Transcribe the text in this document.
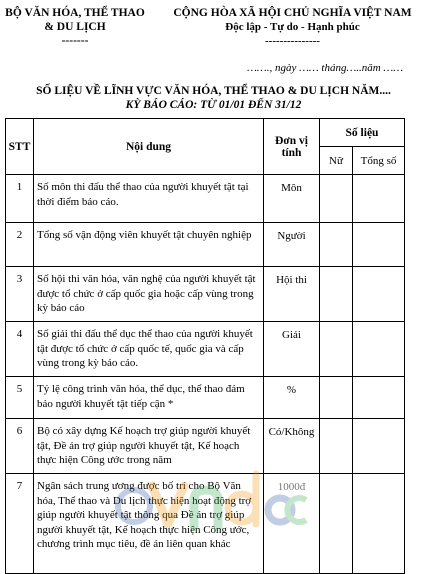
BỘ VĂN HÓA, THỂ THAO
& DU LỊCH
-------
CỘNG HÒA XÃ HỘI CHỦ NGHĨA VIỆT NAM
Độc lập - Tự do - Hạnh phúc
---------------
……., ngày …… tháng…..năm ……
SỐ LIỆU VỀ LĨNH VỰC VĂN HÓA, THỂ THAO & DU LỊCH NĂM....
KỲ BÁO CÁO: TỪ 01/01 ĐẾN 31/12
STT	Nội dung	Đơn vị tính	Số liệu	
			Nữ	Tổng số
1	Số môn thi đấu thể thao của người khuyết tật tại thời điểm báo cáo.	Môn		
2	Tổng số vận động viên khuyết tật chuyên nghiệp	Người		
3	Số hội thi văn hóa, văn nghệ của người khuyết tật được tổ chức ở cấp quốc gia hoặc cấp vùng trong kỳ báo cáo	Hội thi		
4	Số giải thi đấu thể dục thể thao của người khuyết tật được tổ chức ở cấp quốc tế, quốc gia và cấp vùng trong kỳ báo cáo.	Giải		
5	Tỷ lệ công trình văn hóa, thể dục, thể thao đảm bảo người khuyết tật tiếp cận *	%		
6	Bộ có xây dựng Kế hoạch trợ giúp người khuyết tật, Đề án trợ giúp người khuyết tật, Kế hoạch thực hiện Công ước trong năm	Có/Không		
7	Ngân sách trung ương được bố trí cho Bộ Văn hóa, Thể thao và Du lịch thực hiện hoạt động trợ giúp người khuyết tật thông qua Đề án trợ giúp người khuyết tật, Kế hoạch thực hiện Công ước, chương trình mục tiêu, đề án liên quan khác	1000đ		
